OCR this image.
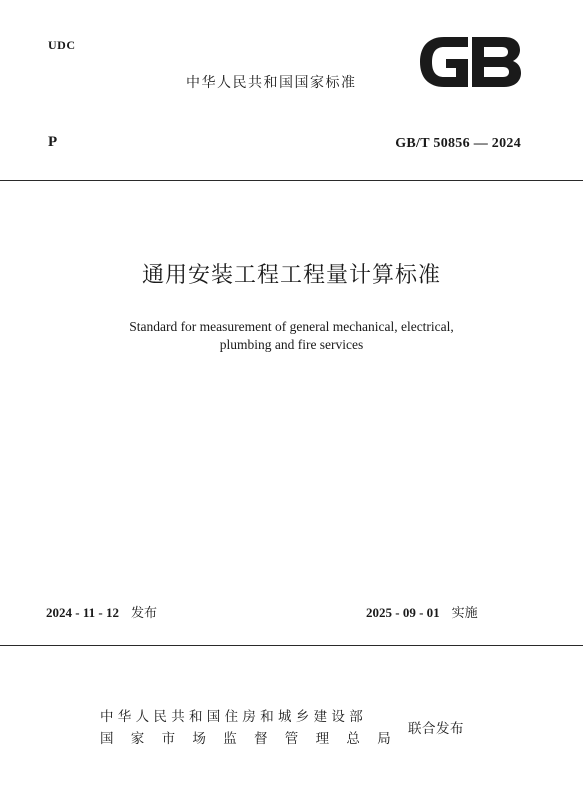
UDC
中华人民共和国国家标准
P	GB/T 50856 — 2024
通用安装工程工程量计算标准
Standard for measurement of general mechanical, electrical,
plumbing and fire services
2024 - 11 - 12 发布	2025 - 09 - 01 实施
中华人民共和国住房和城乡建设部
国家市场监督管理总局
联合发布
